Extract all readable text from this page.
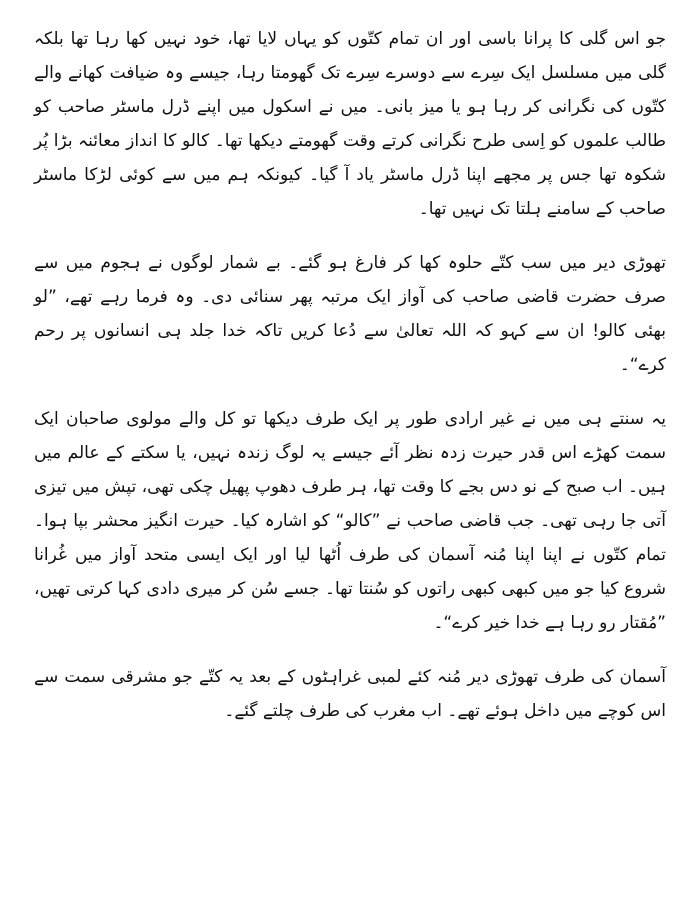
جو اس گلی کا پرانا باسی اور ان تمام کتّوں کو یہاں لایا تھا، خود نہیں کھا رہا تھا بلکہ گلی میں مسلسل ایک سِرے سے دوسرے سِرے تک گھومتا رہا، جیسے وہ ضیافت کھانے والے کتّوں کی نگرانی کر رہا ہو یا میز بانی۔ میں نے اسکول میں اپنے ڈرل ماسٹر صاحب کو طالب علموں کو اِسی طرح نگرانی کرتے وقت گھومتے دیکھا تھا۔ کالو کا انداز معائنہ بڑا پُر شکوہ تھا جس پر مجھے اپنا ڈرل ماسٹر یاد آ گیا۔ کیونکہ ہم میں سے کوئی لڑکا ماسٹر صاحب کے سامنے ہلتا تک نہیں تھا۔

تھوڑی دیر میں سب کتّے حلوہ کھا کر فارغ ہو گئے۔ بے شمار لوگوں نے ہجوم میں سے صرف حضرت قاضی صاحب کی آواز ایک مرتبہ پھر سنائی دی۔ وہ فرما رہے تھے، ”لو بھئی کالو! ان سے کہو کہ اللہ تعالیٰ سے دُعا کریں تاکہ خدا جلد ہی انسانوں پر رحم کرے“۔

یہ سنتے ہی میں نے غیر ارادی طور پر ایک طرف دیکھا تو کل والے مولوی صاحبان ایک سمت کھڑے اس قدر حیرت زدہ نظر آئے جیسے یہ لوگ زندہ نہیں، یا سکتے کے عالم میں ہیں۔ اب صبح کے نو دس بجے کا وقت تھا، ہر طرف دھوپ پھیل چکی تھی، تپش میں تیزی آتی جا رہی تھی۔ جب قاضی صاحب نے ”کالو“ کو اشارہ کیا۔ حیرت انگیز محشر بپا ہوا۔ تمام کتّوں نے اپنا اپنا مُنہ آسمان کی طرف اُٹھا لیا اور ایک ایسی متحد آواز میں غُرانا شروع کیا جو میں کبھی کبھی راتوں کو سُنتا تھا۔ جسے سُن کر میری دادی کہا کرتی تھیں، ”مُقتار رو رہا ہے خدا خیر کرے“۔

آسمان کی طرف تھوڑی دیر مُنہ کئے لمبی غراہٹوں کے بعد یہ کتّے جو مشرقی سمت سے اس کوچے میں داخل ہوئے تھے۔ اب مغرب کی طرف چلتے گئے۔
